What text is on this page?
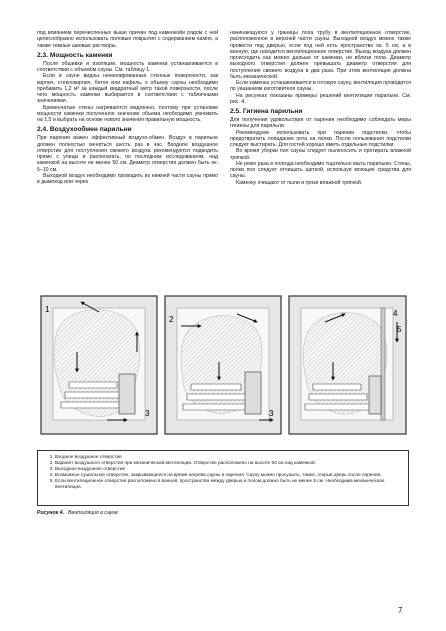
под влиянием перечисленных выше причин под каменкойи рядом с ней целесообразно использовать половые покрытия с содержанием камня, а также темные швовые растворы.

2.3. Мощность каменки

После обшивки и изоляции, мощность каменки устанавливается в соответствии с объемом сауны. См. таблицу 1.

Если в сауне видны неизолированные стенные поверхности, как кирпич, стеклокирпич, бетон или кафель, к объему сауны необходимо прибавить 1,2 м³ за каждый квадратный метр такой поверхности, после чего мощность каменки выбирается в соответствии с табличными значениями.

Бревенчатые стены нагреваются медленно, поэтому при установке мощности каменки полученное значение объема необходимо умножить на 1,5 и выбрать на основе нового значения правильную мощность.

2.4. Воздухообмен парильни

При парении важен эффективный воздухо-обмен. Воздух в парильне должен полностью меняться шесть раз в час. Входное воздушное отверстие для поступления свежего воздуха рекомендуется подводить прямо с улицы и располагать, по последним исследованиям, над каменкой на высоте не менее 50 см. Диаметр отверстия должен быть ок. 5–10 см.

Выходной воздух необходимо проводить из нижней части сауны прямо в дымоход или через

начинающуюся у границы пола трубу в вентиляционное отверстие, расположенное в верхней части сауны. Выходной воздух можно также провести под дверью, если под ней есть пространство ок. 5 см, а в ванную, где находится вентиляционное отверстие. Выход воздуха должен происходить как можно дальше от каменки, но вблизи пола. Диаметр выходного отверстия должен превышать диаметр отверстия для поступления свежего воздуха в два раза. При этом вентиляция должна быть механической.

Если каменка устанавливается в готовую сауну, вентиляция проводится по указаниям изготовителя сауны.

На рисунках показаны примеры решений вентиляции парильни. См. рис. 4.

2.5. Гигиена парильни

Для получения удовольствия от парения необходимо соблюдать меры гигиены для парильни.

Рекомендуем использовать при парении подстилки, чтобы предотвратить попадание пота на полки. После пользования подстилки следует выстирать. Для гостей хорошо иметь отдельные подстилки.

Во время уборки пол сауны следует пылесосить и протирать влажной тряпкой.

Не реже раза в полгода необходимо тщательно мыть парильню. Стены, полки пол следует отчищать щеткой, используя моющие средства для сауны.

Каменку очищают от пыли и грязи влажной тряпкой.

1
3
2
3
4
5
1. Входное воздушное отверстие
2. Вариант воздушного отверстия при механической вентиляции. Отверстие расположено на высоте 50 см над каменкой.
3. Выходное воздушное отверстие
4. Возможное сушильное отверстие, закрывающееся на время нагрева сауны и парения. Сауну можно просушить, также, открыв дверь после парения.
5. Если вентиляционное отверстие расположено в ванной, пространство между дверью и полом должно быть не менее 5 см. Необходима механическая вентиляция.
Рисунок 4. Вентиляция в сауне
7
